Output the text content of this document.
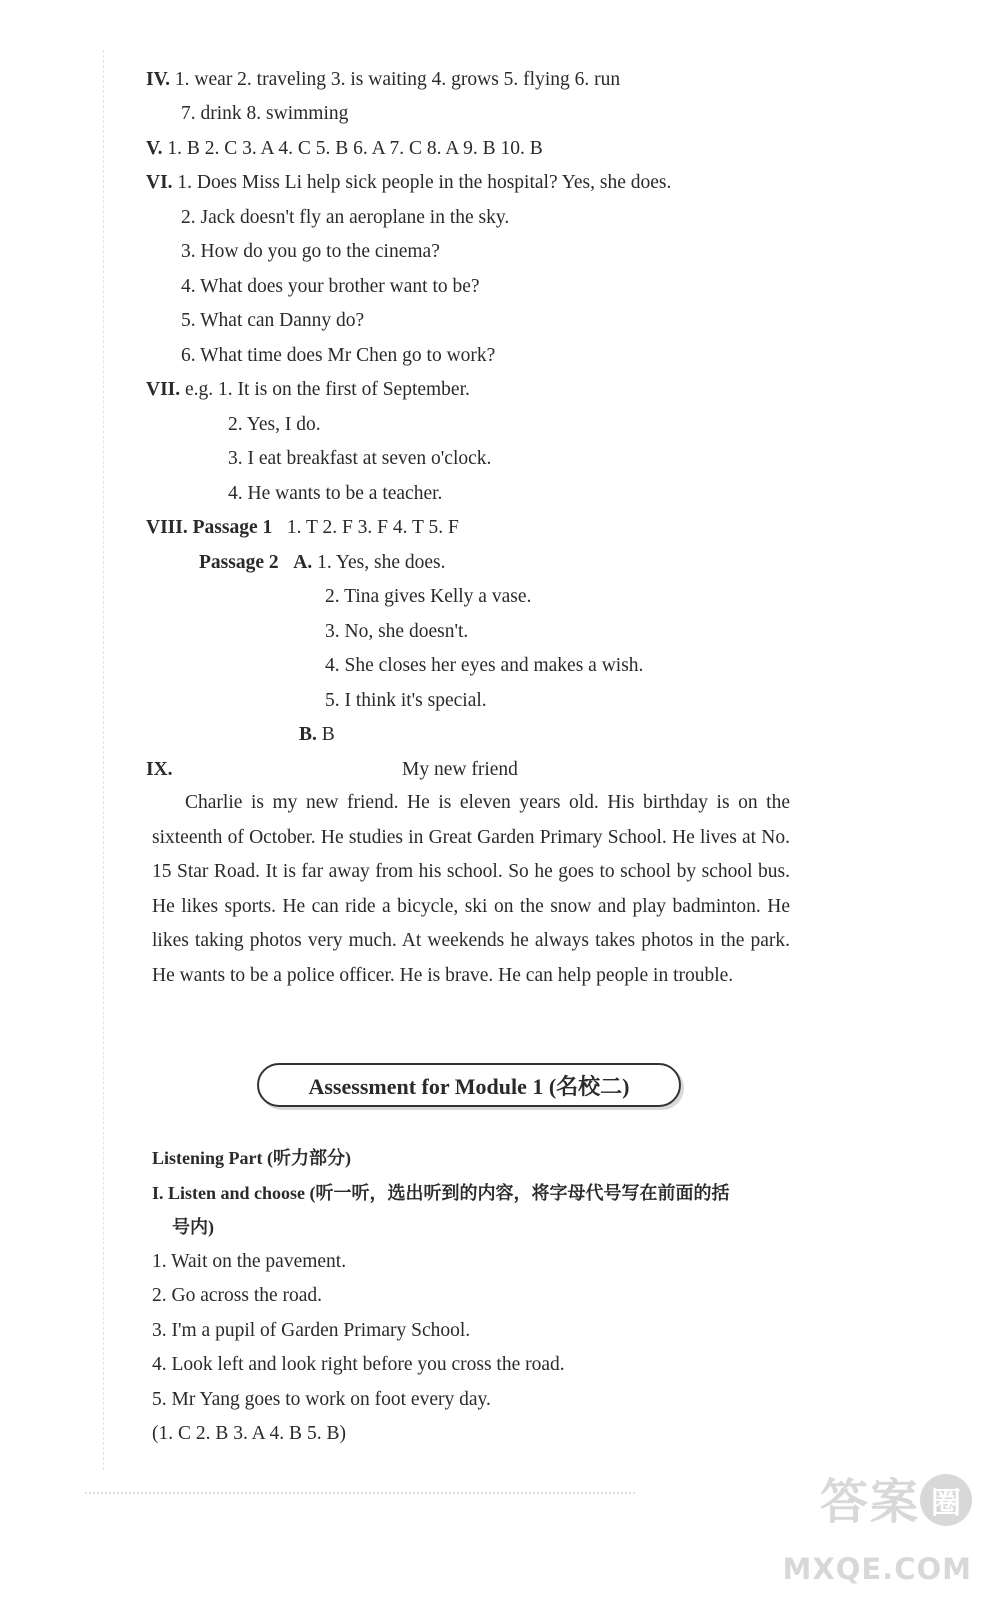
IV. 1. wear 2. traveling 3. is waiting 4. grows 5. flying 6. run
7. drink 8. swimming
V. 1. B 2. C 3. A 4. C 5. B 6. A 7. C 8. A 9. B 10. B
VI. 1. Does Miss Li help sick people in the hospital? Yes, she does.
2. Jack doesn't fly an aeroplane in the sky.
3. How do you go to the cinema?
4. What does your brother want to be?
5. What can Danny do?
6. What time does Mr Chen go to work?
VII. e.g. 1. It is on the first of September.
2. Yes, I do.
3. I eat breakfast at seven o'clock.
4. He wants to be a teacher.
VIII. Passage 1 1. T 2. F 3. F 4. T 5. F
Passage 2 A. 1. Yes, she does.
2. Tina gives Kelly a vase.
3. No, she doesn't.
4. She closes her eyes and makes a wish.
5. I think it's special.
B. B
IX.	My new friend
Charlie is my new friend. He is eleven years old. His birthday is on the sixteenth of October. He studies in Great Garden Primary School. He lives at No. 15 Star Road. It is far away from his school. So he goes to school by school bus. He likes sports. He can ride a bicycle, ski on the snow and play badminton. He likes taking photos very much. At weekends he always takes photos in the park. He wants to be a police officer. He is brave. He can help people in trouble.
Assessment for Module 1 (名校二)
Listening Part (听力部分)
I. Listen and choose (听一听，选出听到的内容，将字母代号写在前面的括
号内)
1. Wait on the pavement.
2. Go across the road.
3. I'm a pupil of Garden Primary School.
4. Look left and look right before you cross the road.
5. Mr Yang goes to work on foot every day.
(1. C 2. B 3. A 4. B 5. B)
答 案 圈
MXQE.COM
